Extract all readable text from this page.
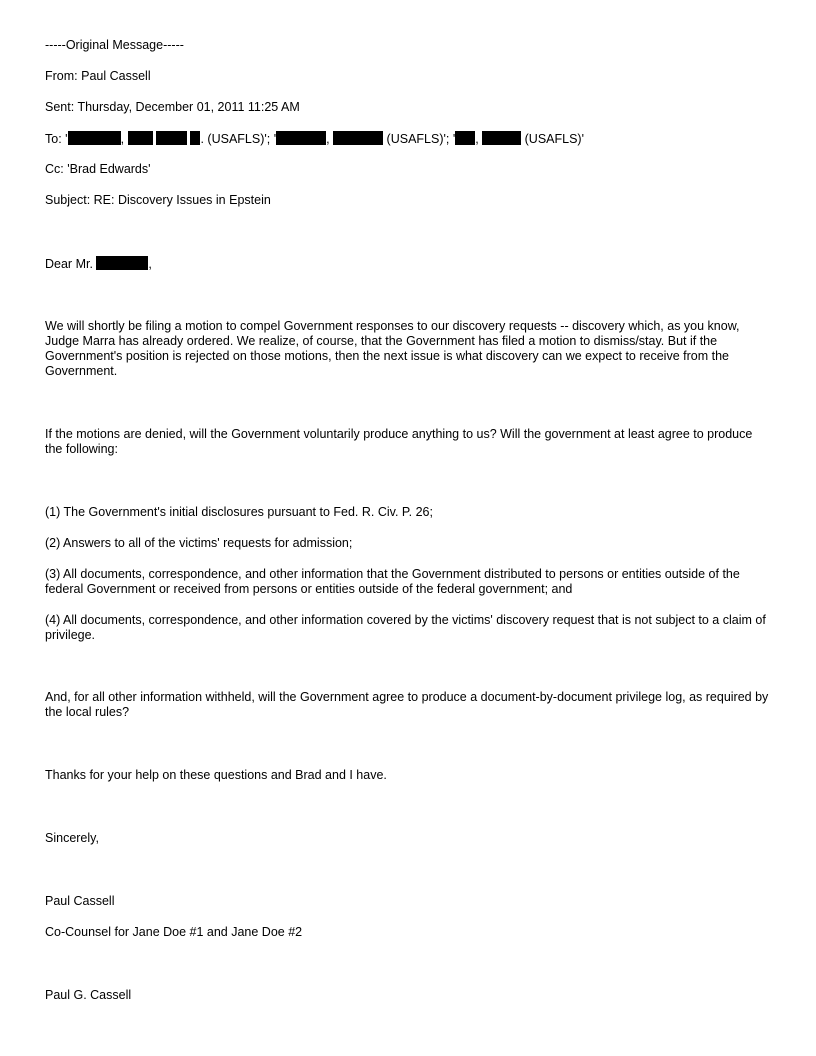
-----Original Message-----
From: Paul Cassell
Sent: Thursday, December 01, 2011 11:25 AM
To: '	,	. (USAFLS)'; '	,	(USAFLS)'; ' ,	(USAFLS)'
Cc: 'Brad Edwards'
Subject: RE: Discovery Issues in Epstein
Dear Mr.	,
We will shortly be filing a motion to compel Government responses to our discovery requests -- discovery which, as you know, Judge Marra has already ordered. We realize, of course, that the Government has filed a motion to dismiss/stay. But if the Government's position is rejected on those motions, then the next issue is what discovery can we expect to receive from the Government.
If the motions are denied, will the Government voluntarily produce anything to us? Will the government at least agree to produce the following:
(1) The Government's initial disclosures pursuant to Fed. R. Civ. P. 26;
(2) Answers to all of the victims' requests for admission;
(3) All documents, correspondence, and other information that the Government distributed to persons or entities outside of the federal Government or received from persons or entities outside of the federal government; and
(4) All documents, correspondence, and other information covered by the victims' discovery request that is not subject to a claim of privilege.
And, for all other information withheld, will the Government agree to produce a document-by-document privilege log, as required by the local rules?
Thanks for your help on these questions and Brad and I have.
Sincerely,
Paul Cassell
Co-Counsel for Jane Doe #1 and Jane Doe #2
Paul G. Cassell
